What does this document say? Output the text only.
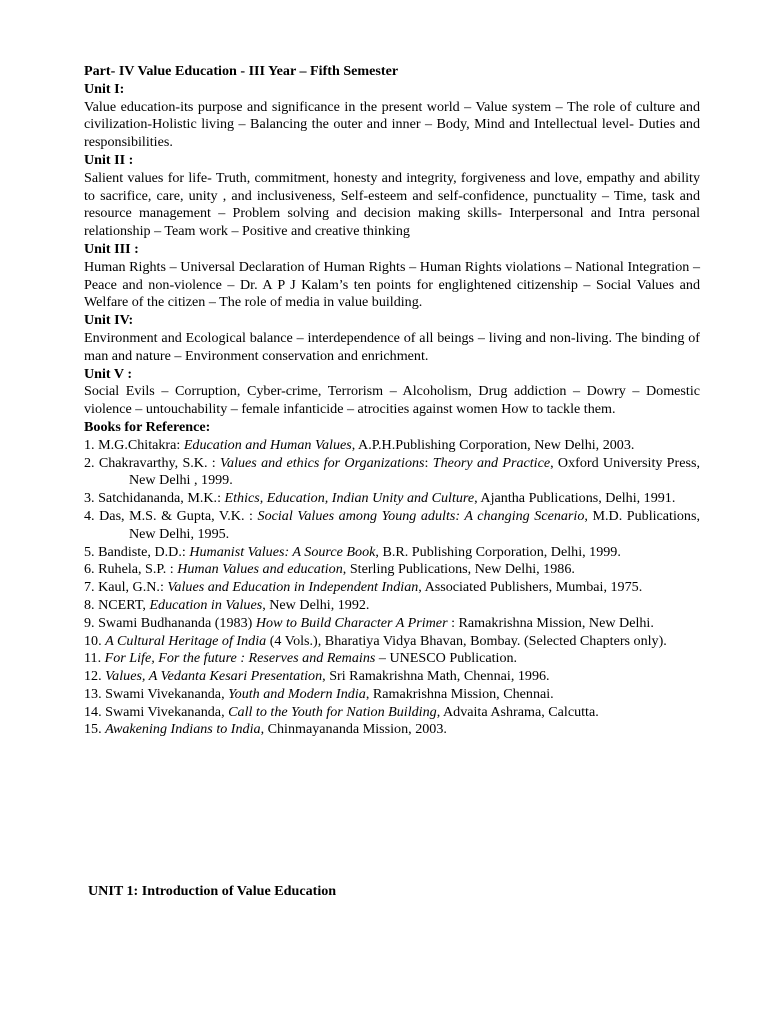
Part- IV Value Education - III Year – Fifth Semester
Unit I:
Value education-its purpose and significance in the present world – Value system – The role of culture and civilization-Holistic living – Balancing the outer and inner – Body, Mind and Intellectual level- Duties and responsibilities.
Unit II :
Salient values for life- Truth, commitment, honesty and integrity, forgiveness and love, empathy and ability to sacrifice, care, unity , and inclusiveness, Self-esteem and self-confidence, punctuality – Time, task and resource management – Problem solving and decision making skills- Interpersonal and Intra personal relationship – Team work – Positive and creative thinking
Unit III :
Human Rights – Universal Declaration of Human Rights – Human Rights violations – National Integration – Peace and non-violence – Dr. A P J Kalam’s ten points for englightened citizenship – Social Values and Welfare of the citizen – The role of media in value building.
Unit IV:
Environment and Ecological balance – interdependence of all beings – living and non-living. The binding of man and nature – Environment conservation and enrichment.
Unit V :
Social Evils – Corruption, Cyber-crime, Terrorism – Alcoholism, Drug addiction – Dowry – Domestic violence – untouchability – female infanticide – atrocities against women How to tackle them.
Books for Reference:
1. M.G.Chitakra: Education and Human Values, A.P.H.Publishing Corporation, New Delhi, 2003.
2. Chakravarthy, S.K. : Values and ethics for Organizations: Theory and Practice, Oxford University Press, New Delhi , 1999.
3. Satchidananda, M.K.: Ethics, Education, Indian Unity and Culture, Ajantha Publications, Delhi, 1991.
4. Das, M.S. & Gupta, V.K. : Social Values among Young adults: A changing Scenario, M.D. Publications, New Delhi, 1995.
5. Bandiste, D.D.: Humanist Values: A Source Book, B.R. Publishing Corporation, Delhi, 1999.
6. Ruhela, S.P. : Human Values and education, Sterling Publications, New Delhi, 1986.
7. Kaul, G.N.: Values and Education in Independent Indian, Associated Publishers, Mumbai, 1975.
8. NCERT, Education in Values, New Delhi, 1992.
9. Swami Budhananda (1983) How to Build Character A Primer : Ramakrishna Mission, New Delhi.
10. A Cultural Heritage of India (4 Vols.), Bharatiya Vidya Bhavan, Bombay. (Selected Chapters only).
11. For Life, For the future : Reserves and Remains – UNESCO Publication.
12. Values, A Vedanta Kesari Presentation, Sri Ramakrishna Math, Chennai, 1996.
13. Swami Vivekananda, Youth and Modern India, Ramakrishna Mission, Chennai.
14. Swami Vivekananda, Call to the Youth for Nation Building, Advaita Ashrama, Calcutta.
15. Awakening Indians to India, Chinmayananda Mission, 2003.
UNIT 1: Introduction of Value Education
